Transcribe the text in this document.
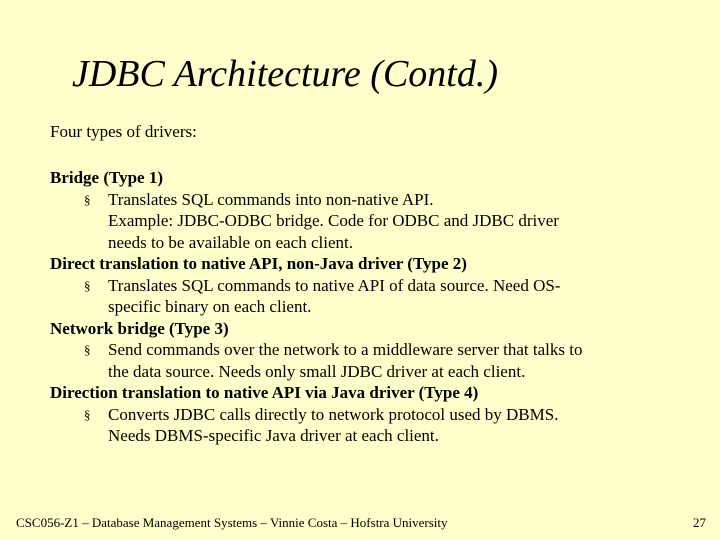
JDBC Architecture (Contd.)
Four types of drivers:
Bridge (Type 1)
§ Translates SQL commands into non-native API.
Example: JDBC-ODBC bridge. Code for ODBC and JDBC driver
needs to be available on each client.
Direct translation to native API, non-Java driver (Type 2)
§ Translates SQL commands to native API of data source. Need OS-
specific binary on each client.
Network bridge (Type 3)
§ Send commands over the network to a middleware server that talks to
the data source. Needs only small JDBC driver at each client.
Direction translation to native API via Java driver (Type 4)
§ Converts JDBC calls directly to network protocol used by DBMS.
Needs DBMS-specific Java driver at each client.
CSC056-Z1 – Database Management Systems – Vinnie Costa – Hofstra University	27
